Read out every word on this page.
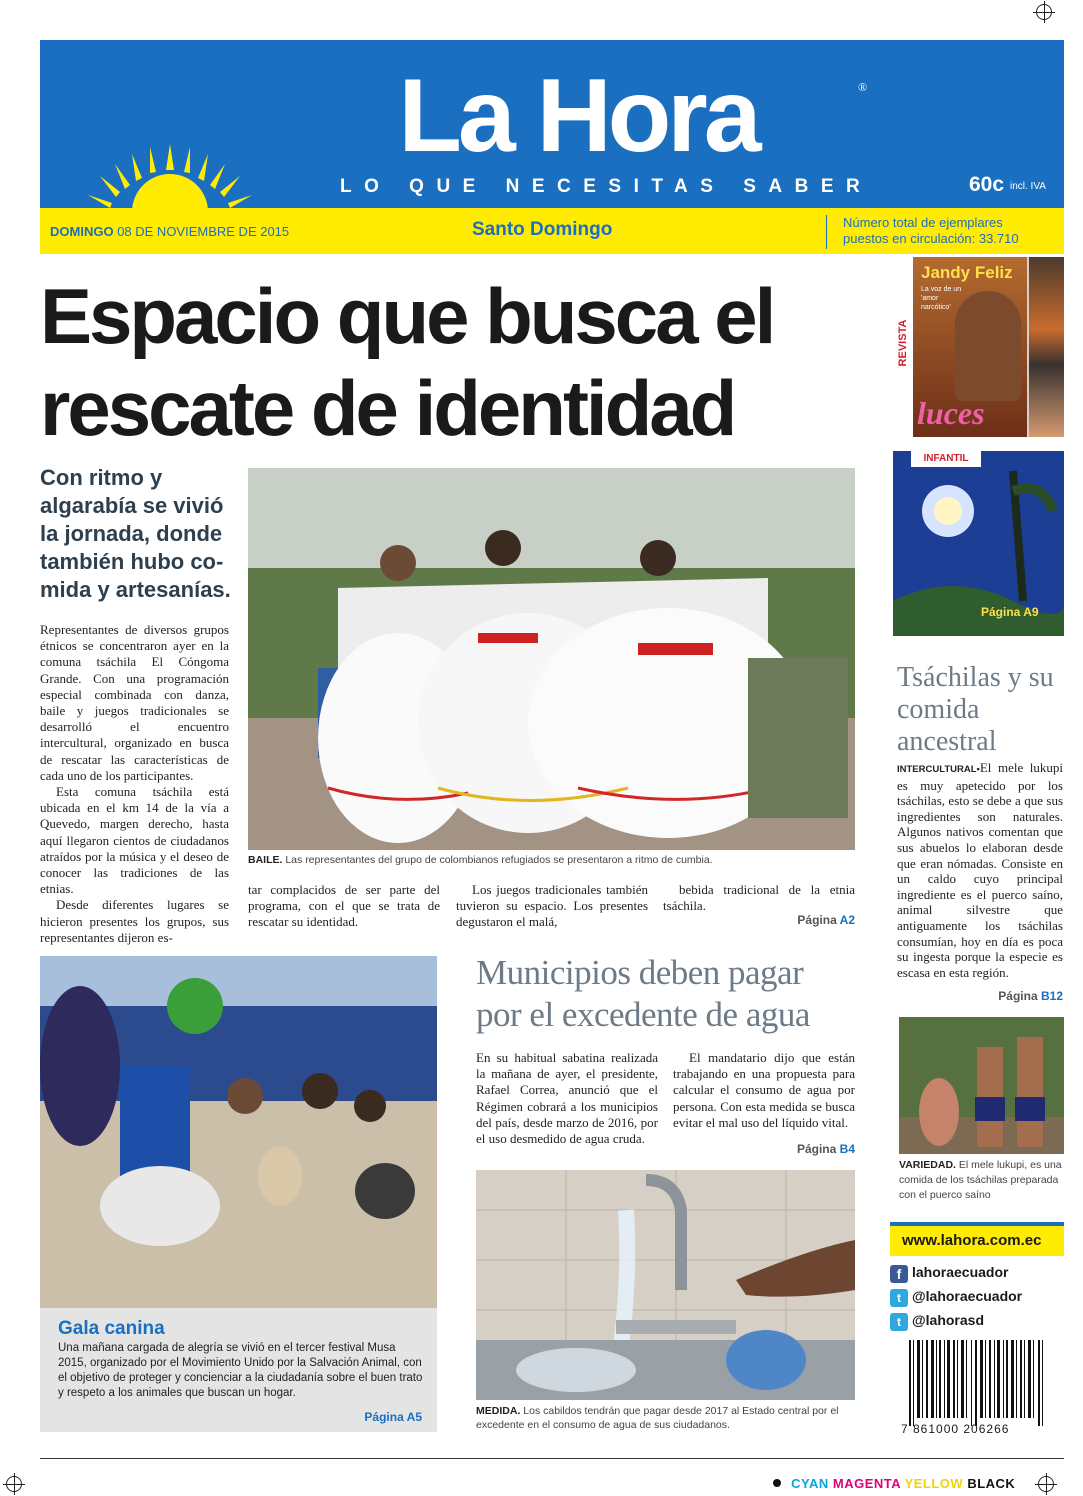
La Hora	®
LO QUE NECESITAS SABER	60c incl. IVA
DOMINGO 08 DE NOVIEMBRE DE 2015	Santo Domingo	Número total de ejemplares
puestos en circulación: 33.710
Espacio que busca el
rescate de identidad
Con ritmo y algarabía se vivió la jornada, donde también hubo co-mida y artesanías.
BAILE. Las representantes del grupo de colombianos refugiados se presentaron a ritmo de cumbia.

Representantes de diversos grupos étnicos se concentraron ayer en la comuna tsáchila El Cóngoma Grande. Con una programación especial combinada con danza, baile y juegos tradicionales se desarrolló el encuentro intercultural, organizado en busca de rescatar las características de cada uno de los participantes.

Esta comuna tsáchila está ubicada en el km 14 de la vía a Quevedo, margen derecho, hasta aquí llegaron cientos de ciudadanos atraídos por la música y el deseo de conocer las tradiciones de las etnias.

Desde diferentes lugares se hicieron presentes los grupos, sus representantes dijeron es-

tar complacidos de ser parte del programa, con el que se trata de rescatar su identidad.

Los juegos tradicionales también tuvieron su espacio. Los presentes degustaron el malá,

bebida tradicional de la etnia tsáchila.

Página A2
REVISTA
Jandy Feliz
La voz de un 'amor narcótico'
luces
INFANTIL
Página A9
Tsáchilas y su comida ancestral

INTERCULTURAL•El mele lukupi es muy apetecido por los tsáchilas, esto se debe a que sus ingredientes son naturales. Algunos nativos comentan que sus abuelos lo elaboran desde que eran nómadas. Consiste en un caldo cuyo principal ingrediente es el puerco saíno, animal silvestre que antiguamente los tsáchilas consumían, hoy en día es poca su ingesta porque la especie es escasa en esta región.

Página B12
VARIEDAD. El mele lukupi, es una comida de los tsáchilas preparada con el puerco saíno
www.lahora.com.ec
f lahoraecuador
t @lahoraecuador
t @lahorasd
7 861000 206266
Gala canina
Una mañana cargada de alegría se vivió en el tercer festival Musa 2015, organizado por el Movimiento Unido por la Salvación Animal, con el objetivo de proteger y concienciar a la ciudadanía sobre el buen trato y respeto a los animales que buscan un hogar.
Página A5
Municipios deben pagar
por el excedente de agua

En su habitual sabatina realizada la mañana de ayer, el presidente, Rafael Correa, anunció que el Régimen cobrará a los municipios del país, desde marzo de 2016, por el uso desmedido de agua cruda.

El mandatario dijo que están trabajando en una propuesta para calcular el consumo de agua por persona. Con esta medida se busca evitar el mal uso del líquido vital.

Página B4
MEDIDA. Los cabildos tendrán que pagar desde 2017 al Estado central por el excedente en el consumo de agua de sus ciudadanos.
CYAN MAGENTA YELLOW BLACK
